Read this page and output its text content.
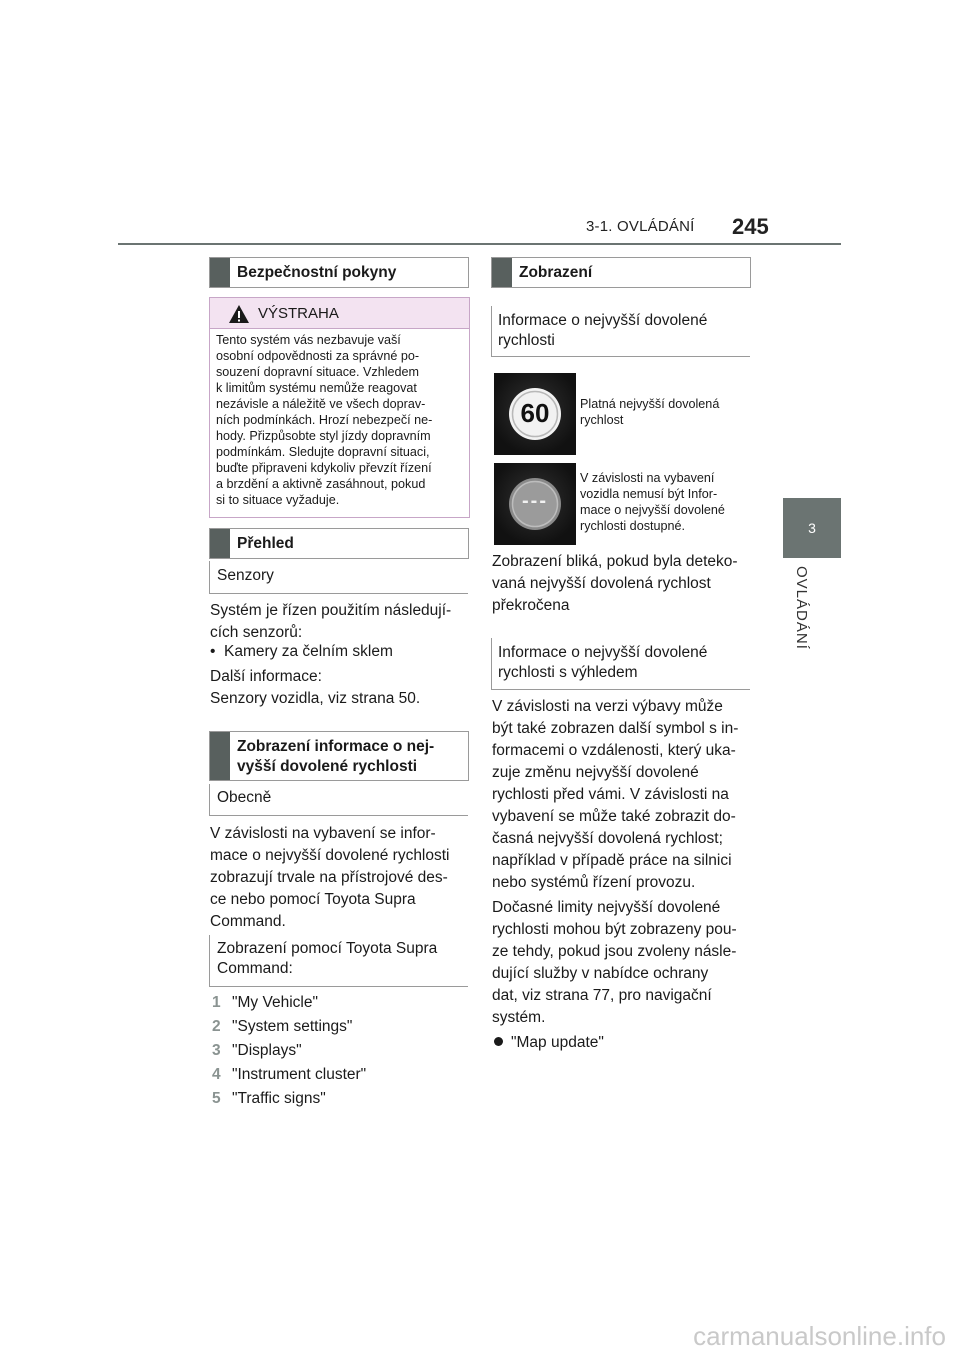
3-1. OVLÁDÁNÍ 245
3
OVLÁDÁNÍ
Bezpečnostní pokyny
VÝSTRAHA
Tento systém vás nezbavuje vaší
osobní odpovědnosti za správné po-
souzení dopravní situace. Vzhledem
k limitům systému nemůže reagovat
nezávisle a náležitě ve všech doprav-
ních podmínkách. Hrozí nebezpečí ne-
hody. Přizpůsobte styl jízdy dopravním
podmínkám. Sledujte dopravní situaci,
buďte připraveni kdykoliv převzít řízení
a brzdění a aktivně zasáhnout, pokud
si to situace vyžaduje.
Přehled
Senzory
Systém je řízen použitím následují-
cích senzorů:
•  Kamery za čelním sklem
Další informace:
Senzory vozidla, viz strana 50.
Zobrazení informace o nej-
vyšší dovolené rychlosti
Obecně
V závislosti na vybavení se infor-
mace o nejvyšší dovolené rychlosti
zobrazují trvale na přístrojové des-
ce nebo pomocí Toyota Supra
Command.
Zobrazení pomocí Toyota Supra
Command:
1 "My Vehicle"
2 "System settings"
3 "Displays"
4 "Instrument cluster"
5 "Traffic signs"
Zobrazení
Informace o nejvyšší dovolené
rychlosti
60	Platná nejvyšší dovolená
rychlost
---
V závislosti na vybavení
vozidla nemusí být Infor-
mace o nejvyšší dovolené
rychlosti dostupné.
Zobrazení bliká, pokud byla deteko-
vaná nejvyšší dovolená rychlost
překročena
Informace o nejvyšší dovolené
rychlosti s výhledem
V závislosti na verzi výbavy může
být také zobrazen další symbol s in-
formacemi o vzdálenosti, který uka-
zuje změnu nejvyšší dovolené
rychlosti před vámi. V závislosti na
vybavení se může také zobrazit do-
časná nejvyšší dovolená rychlost;
například v případě práce na silnici
nebo systémů řízení provozu.
Dočasné limity nejvyšší dovolené
rychlosti mohou být zobrazeny pou-
ze tehdy, pokud jsou zvoleny násle-
dující služby v nabídce ochrany
dat, viz strana 77, pro navigační
systém.
"Map update"
carmanualsonline.info
